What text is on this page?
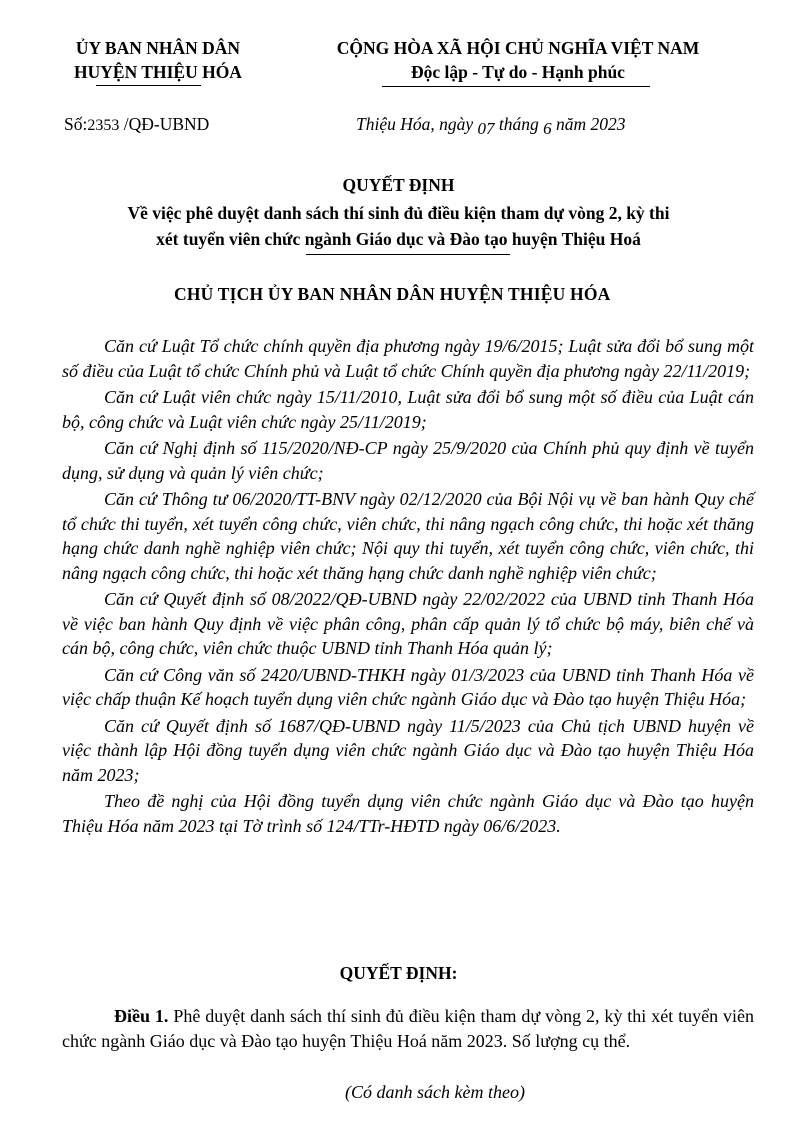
ỦY BAN NHÂN DÂN
HUYỆN THIỆU HÓA
CỘNG HÒA XÃ HỘI CHỦ NGHĨA VIỆT NAM
Độc lập - Tự do - Hạnh phúc
Số:2353 /QĐ-UBND	Thiệu Hóa, ngày 07 tháng 6 năm 2023
QUYẾT ĐỊNH
Về việc phê duyệt danh sách thí sinh đủ điều kiện tham dự vòng 2, kỳ thi
xét tuyển viên chức ngành Giáo dục và Đào tạo huyện Thiệu Hoá
CHỦ TỊCH ỦY BAN NHÂN DÂN HUYỆN THIỆU HÓA

Căn cứ Luật Tổ chức chính quyền địa phương ngày 19/6/2015; Luật sửa đổi bổ sung một số điều của Luật tổ chức Chính phủ và Luật tổ chức Chính quyền địa phương ngày 22/11/2019;

Căn cứ Luật viên chức ngày 15/11/2010, Luật sửa đổi bổ sung một số điều của Luật cán bộ, công chức và Luật viên chức ngày 25/11/2019;

Căn cứ Nghị định số 115/2020/NĐ-CP ngày 25/9/2020 của Chính phủ quy định về tuyển dụng, sử dụng và quản lý viên chức;

Căn cứ Thông tư 06/2020/TT-BNV ngày 02/12/2020 của Bội Nội vụ về ban hành Quy chế tổ chức thi tuyển, xét tuyển công chức, viên chức, thi nâng ngạch công chức, thi hoặc xét thăng hạng chức danh nghề nghiệp viên chức; Nội quy thi tuyển, xét tuyển công chức, viên chức, thi nâng ngạch công chức, thi hoặc xét thăng hạng chức danh nghề nghiệp viên chức;

Căn cứ Quyết định số 08/2022/QĐ-UBND ngày 22/02/2022 của UBND tỉnh Thanh Hóa về việc ban hành Quy định về việc phân công, phân cấp quản lý tổ chức bộ máy, biên chế và cán bộ, công chức, viên chức thuộc UBND tỉnh Thanh Hóa quản lý;

Căn cứ Công văn số 2420/UBND-THKH ngày 01/3/2023 của UBND tỉnh Thanh Hóa về việc chấp thuận Kế hoạch tuyển dụng viên chức ngành Giáo dục và Đào tạo huyện Thiệu Hóa;

Căn cứ Quyết định số 1687/QĐ-UBND ngày 11/5/2023 của Chủ tịch UBND huyện về việc thành lập Hội đồng tuyển dụng viên chức ngành Giáo dục và Đào tạo huyện Thiệu Hóa năm 2023;

Theo đề nghị của Hội đồng tuyển dụng viên chức ngành Giáo dục và Đào tạo huyện Thiệu Hóa năm 2023 tại Tờ trình số 124/TTr-HĐTD ngày 06/6/2023.

QUYẾT ĐỊNH:

Điều 1. Phê duyệt danh sách thí sinh đủ điều kiện tham dự vòng 2, kỳ thi xét tuyển viên chức ngành Giáo dục và Đào tạo huyện Thiệu Hoá năm 2023. Số lượng cụ thể.

(Có danh sách kèm theo)
